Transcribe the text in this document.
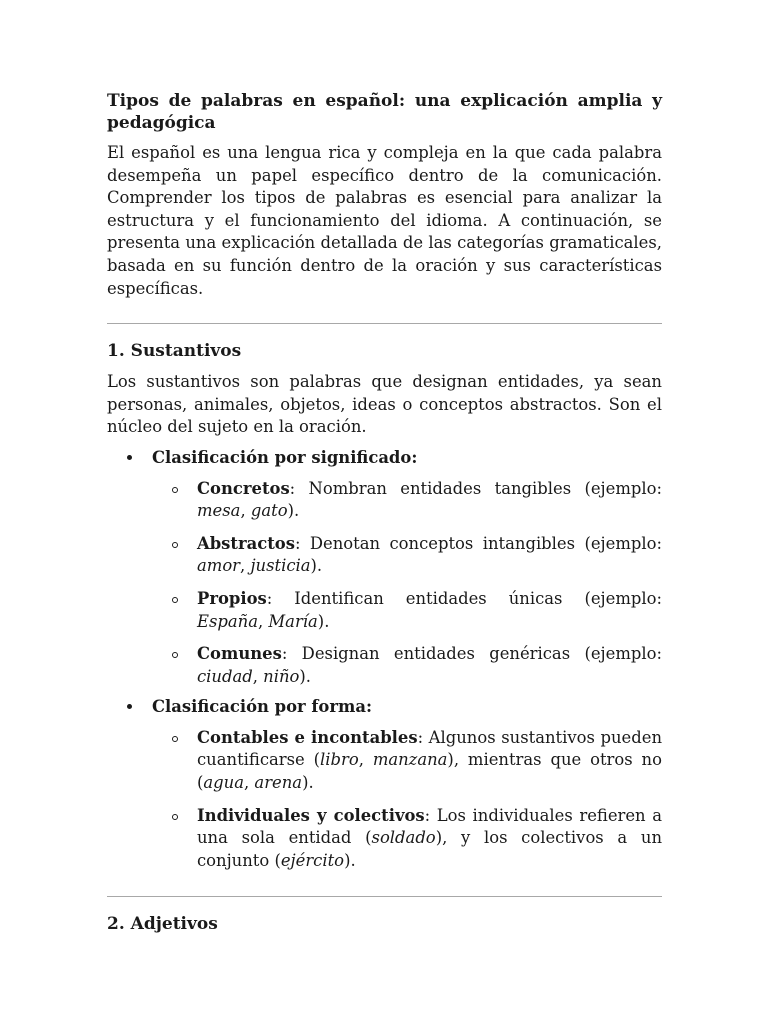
Tipos de palabras en español: una explicación amplia y pedagógica

El español es una lengua rica y compleja en la que cada palabra desempeña un papel específico dentro de la comunicación. Comprender los tipos de palabras es esencial para analizar la estructura y el funcionamiento del idioma. A continuación, se presenta una explicación detallada de las categorías gramaticales, basada en su función dentro de la oración y sus características específicas.

1. Sustantivos

Los sustantivos son palabras que designan entidades, ya sean personas, animales, objetos, ideas o conceptos abstractos. Son el núcleo del sujeto en la oración.

Clasificación por significado:

Concretos: Nombran entidades tangibles (ejemplo: mesa, gato).

Abstractos: Denotan conceptos intangibles (ejemplo: amor, justicia).

Propios: Identifican entidades únicas (ejemplo: España, María).

Comunes: Designan entidades genéricas (ejemplo: ciudad, niño).

Clasificación por forma:

Contables e incontables: Algunos sustantivos pueden cuantificarse (libro, manzana), mientras que otros no (agua, arena).

Individuales y colectivos: Los individuales refieren a una sola entidad (soldado), y los colectivos a un conjunto (ejército).

2. Adjetivos
